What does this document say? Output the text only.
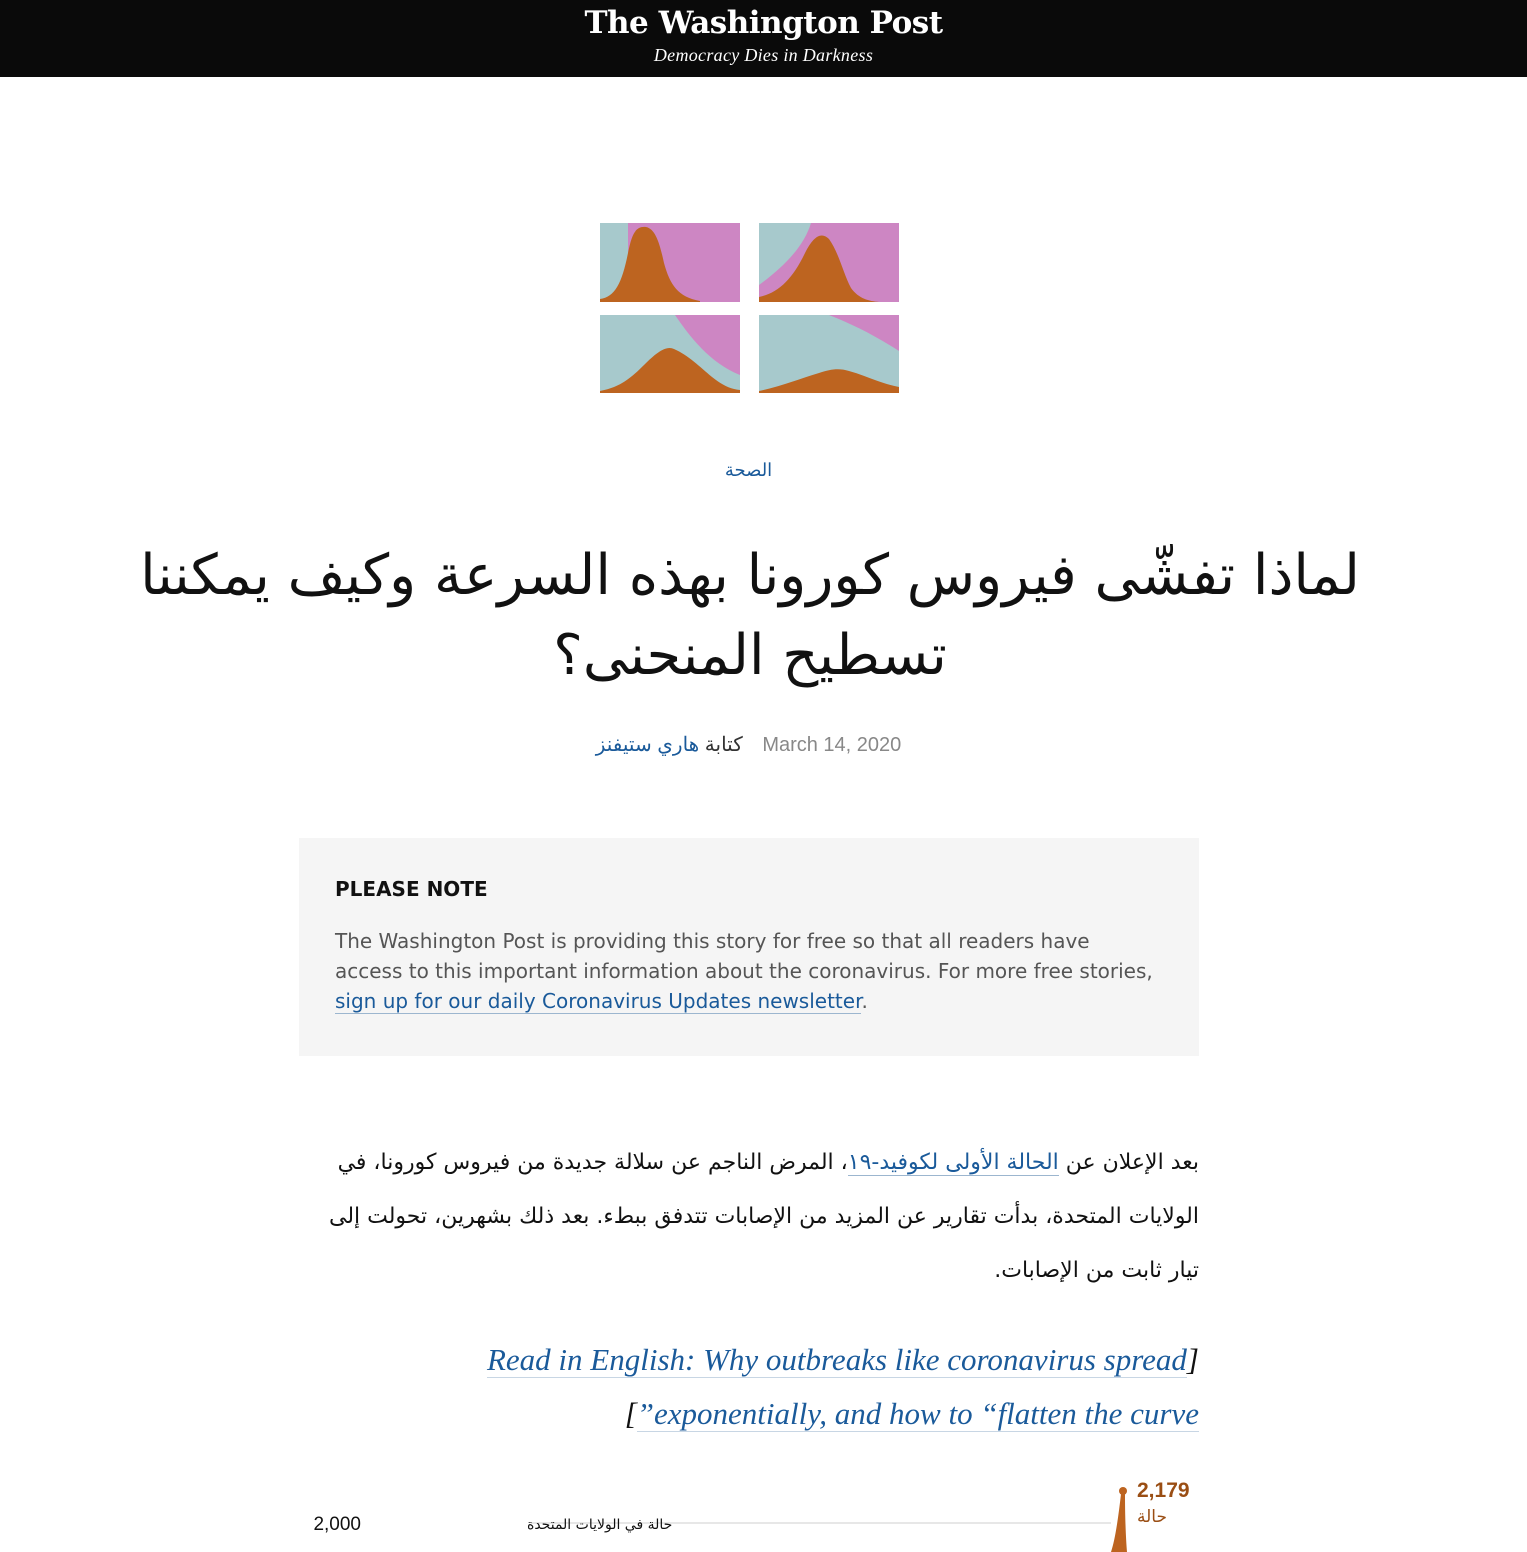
The Washington Post
Democracy Dies in Darkness
الصحة
لماذا تفشّى فيروس كورونا بهذه السرعة وكيف يمكننا
تسطيح المنحنى؟
كتابة هاري ستيفنز	March 14, 2020
PLEASE NOTE
The Washington Post is providing this story for free so that all readers have access to this important information about the coronavirus. For more free stories, sign up for our daily Coronavirus Updates newsletter.
بعد الإعلان عن الحالة الأولى لكوفيد-١٩، المرض الناجم عن سلالة جديدة من فيروس كورونا، في الولايات المتحدة، بدأت تقارير عن المزيد من الإصابات تتدفق ببطء. بعد ذلك بشهرين، تحولت إلى تيار ثابت من الإصابات.
Read in English: Why outbreaks like coronavirus spread]
[”exponentially, and how to “flatten the curve
2,000	حالة في الولايات المتحدة
2,179
حالة
